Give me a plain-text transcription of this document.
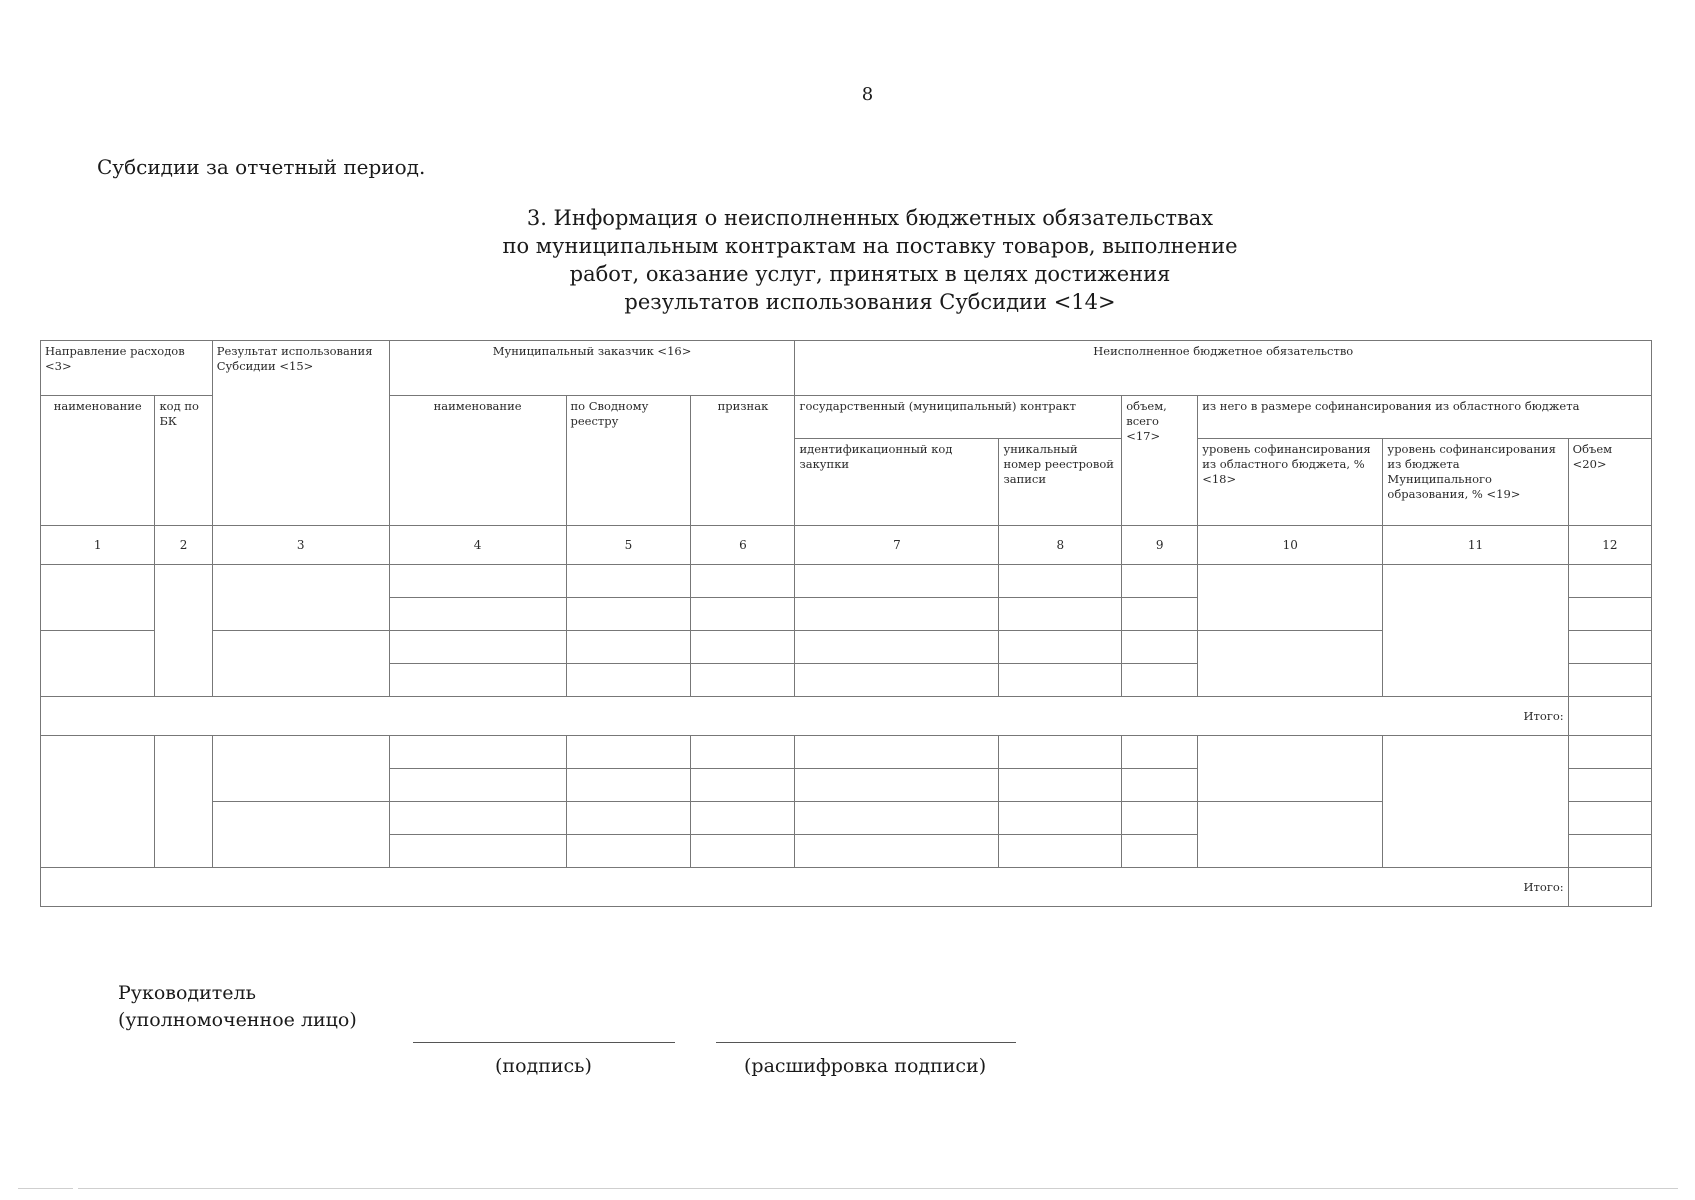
8
Субсидии за отчетный период.
3. Информация о неисполненных бюджетных обязательствах
по муниципальным контрактам на поставку товаров, выполнение
работ, оказание услуг, принятых в целях достижения
результатов использования Субсидии <14>
Направление расходов <3>		Результат использования Субсидии <15>	Муниципальный заказчик <16>			Неисполненное бюджетное обязательство					
наименование	код по БК		наименование	по Сводному реестру	признак	государственный (муниципальный) контракт		объем, всего <17>	из него в размере софинансирования из областного бюджета		
						идентификационный код закупки	уникальный номер реестровой записи		уровень софинансирования из областного бюджета, % <18>	уровень софинансирования из бюджета Муниципального образования, % <19>	Объем <20>
1	2	3	4	5	6	7	8	9	10	11	12

Итого:											

Итого:											
Руководитель
(уполномоченное лицо)
(подпись)	(расшифровка подписи)
